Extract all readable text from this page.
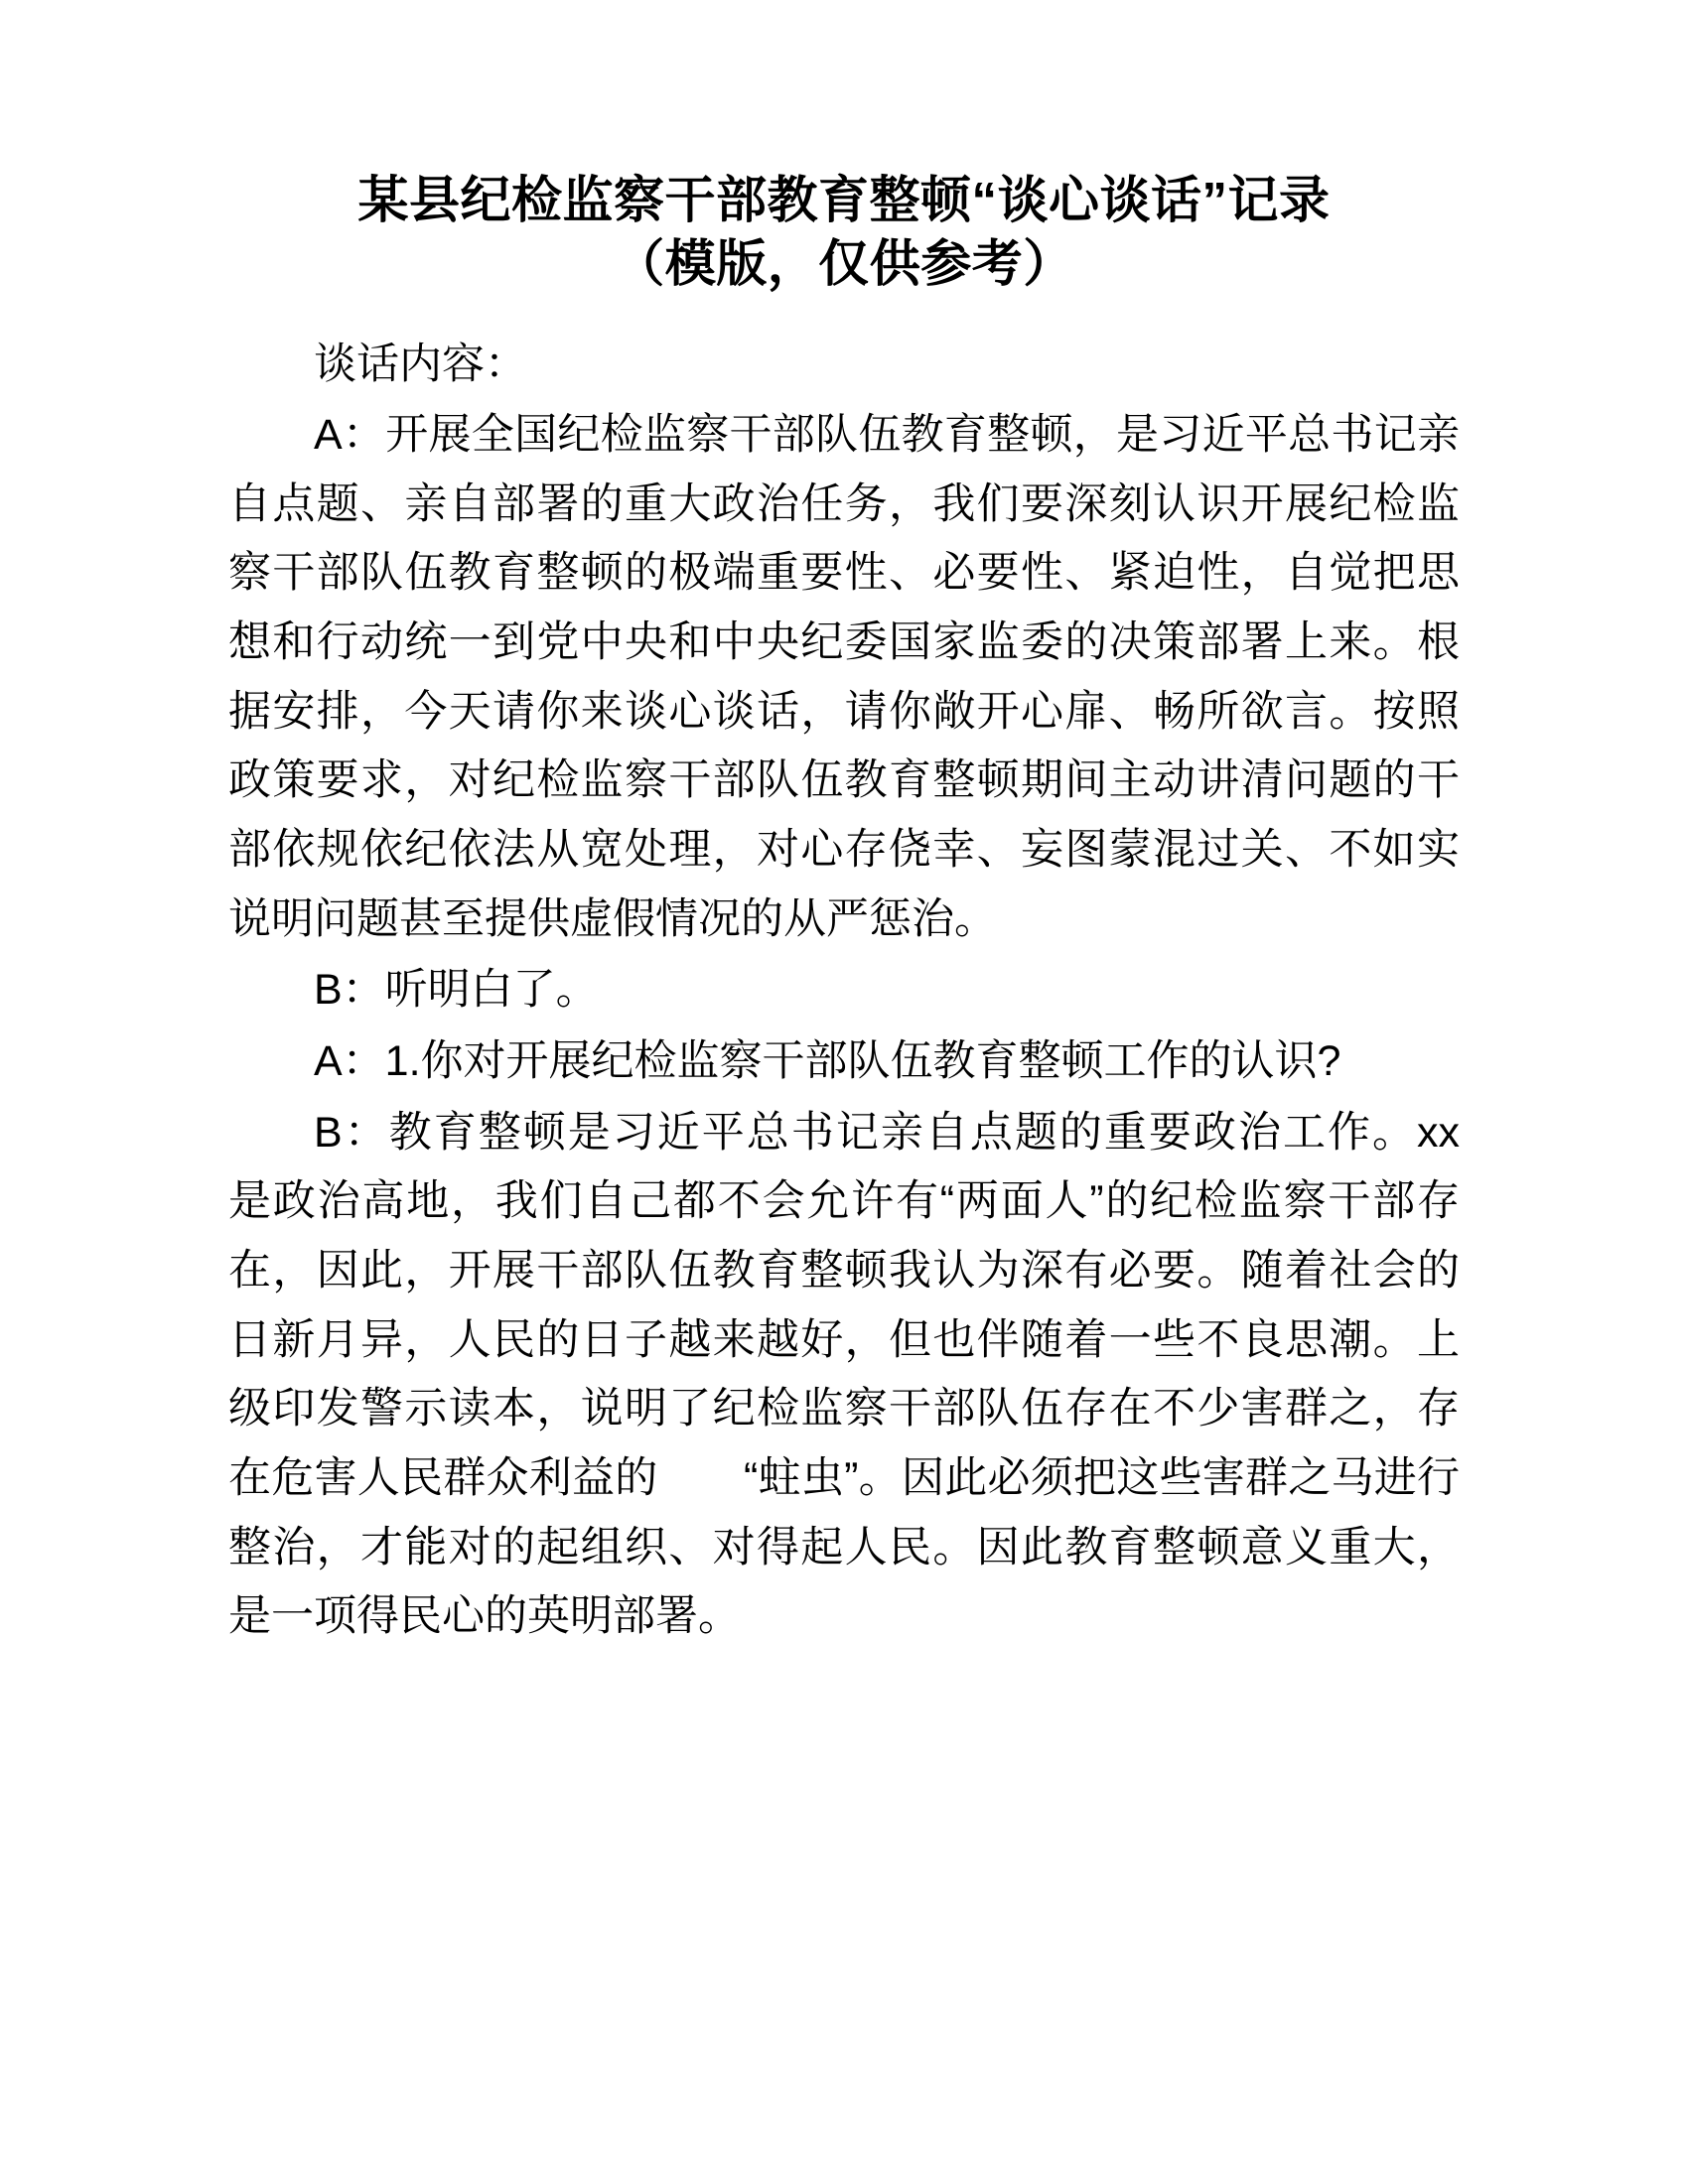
某县纪检监察干部教育整顿“谈心谈话”记录
（模版，仅供参考）

谈话内容：

A：开展全国纪检监察干部队伍教育整顿，是习近平总书记亲自点题、亲自部署的重大政治任务，我们要深刻认识开展纪检监察干部队伍教育整顿的极端重要性、必要性、紧迫性，自觉把思想和行动统一到党中央和中央纪委国家监委的决策部署上来。根据安排，今天请你来谈心谈话，请你敞开心扉、畅所欲言。按照政策要求，对纪检监察干部队伍教育整顿期间主动讲清问题的干部依规依纪依法从宽处理，对心存侥幸、妄图蒙混过关、不如实说明问题甚至提供虚假情况的从严惩治。

B：听明白了。

A：1.你对开展纪检监察干部队伍教育整顿工作的认识?

B：教育整顿是习近平总书记亲自点题的重要政治工作。xx 是政治高地，我们自己都不会允许有“两面人”的纪检监察干部存在，因此，开展干部队伍教育整顿我认为深有必要。随着社会的日新月异，人民的日子越来越好，但也伴随着一些不良思潮。上级印发警示读本，说明了纪检监察干部队伍存在不少害群之，存在危害人民群众利益的　　“蛀虫”。因此必须把这些害群之马进行整治，才能对的起组织、对得起人民。因此教育整顿意义重大，是一项得民心的英明部署。
